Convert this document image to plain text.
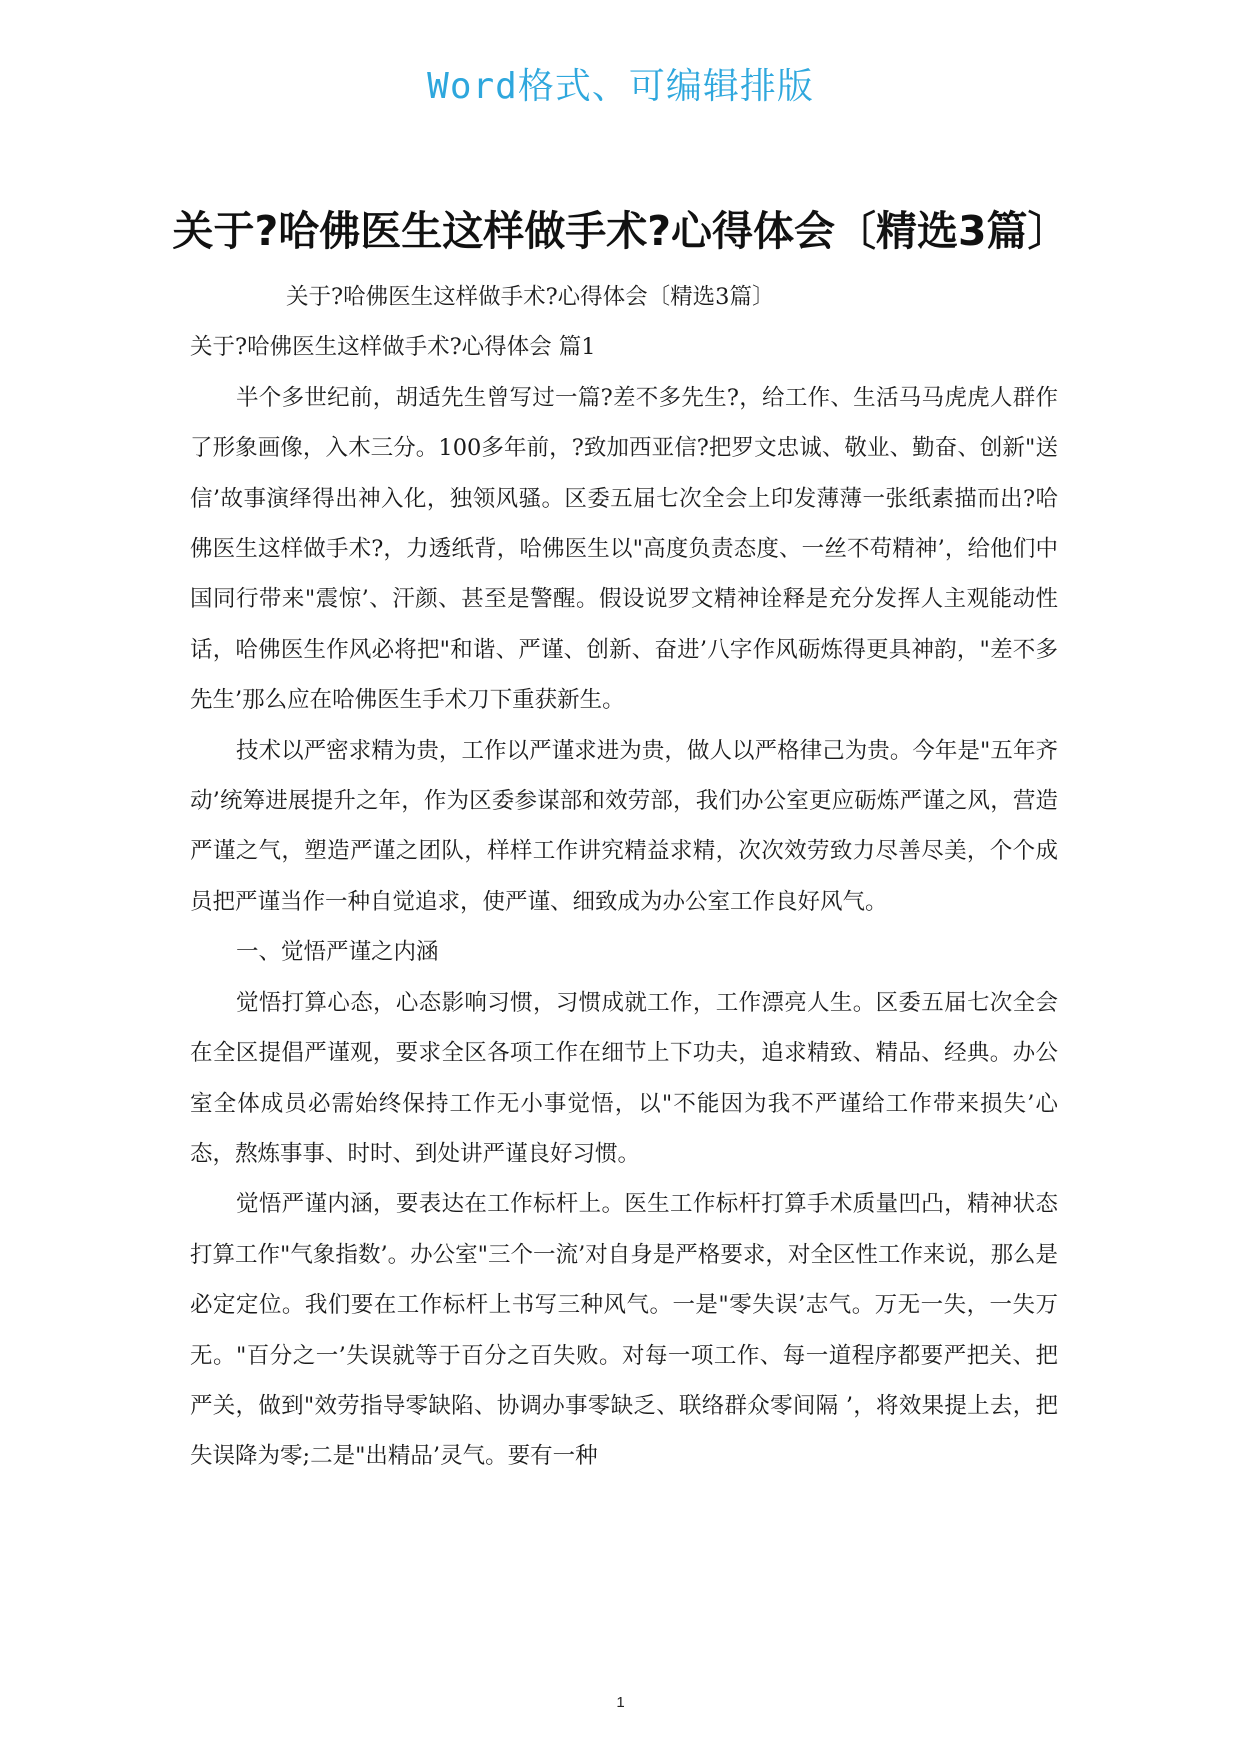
Word格式、可编辑排版
关于?哈佛医生这样做手术?心得体会〔精选3篇〕

关于?哈佛医生这样做手术?心得体会〔精选3篇〕

关于?哈佛医生这样做手术?心得体会 篇1

半个多世纪前，胡适先生曾写过一篇?差不多先生?，给工作、生活马马虎虎人群作了形象画像，入木三分。100多年前，?致加西亚信?把罗文忠诚、敬业、勤奋、创新"送信’故事演绎得出神入化，独领风骚。区委五届七次全会上印发薄薄一张纸素描而出?哈佛医生这样做手术?，力透纸背，哈佛医生以"高度负责态度、一丝不苟精神’，给他们中国同行带来"震惊’、汗颜、甚至是警醒。假设说罗文精神诠释是充分发挥人主观能动性话，哈佛医生作风必将把"和谐、严谨、创新、奋进’八字作风砺炼得更具神韵，"差不多先生’那么应在哈佛医生手术刀下重获新生。

技术以严密求精为贵，工作以严谨求进为贵，做人以严格律己为贵。今年是"五年齐动’统筹进展提升之年，作为区委参谋部和效劳部，我们办公室更应砺炼严谨之风，营造严谨之气，塑造严谨之团队，样样工作讲究精益求精，次次效劳致力尽善尽美，个个成员把严谨当作一种自觉追求，使严谨、细致成为办公室工作良好风气。

一、觉悟严谨之内涵

觉悟打算心态，心态影响习惯，习惯成就工作，工作漂亮人生。区委五届七次全会在全区提倡严谨观，要求全区各项工作在细节上下功夫，追求精致、精品、经典。办公室全体成员必需始终保持工作无小事觉悟，以"不能因为我不严谨给工作带来损失’心态，熬炼事事、时时、到处讲严谨良好习惯。

觉悟严谨内涵，要表达在工作标杆上。医生工作标杆打算手术质量凹凸，精神状态打算工作"气象指数’。办公室"三个一流’对自身是严格要求，对全区性工作来说，那么是必定定位。我们要在工作标杆上书写三种风气。一是"零失误’志气。万无一失，一失万无。"百分之一’失误就等于百分之百失败。对每一项工作、每一道程序都要严把关、把严关，做到"效劳指导零缺陷、协调办事零缺乏、联络群众零间隔 ’，将效果提上去，把失误降为零;二是"出精品’灵气。要有一种

1
